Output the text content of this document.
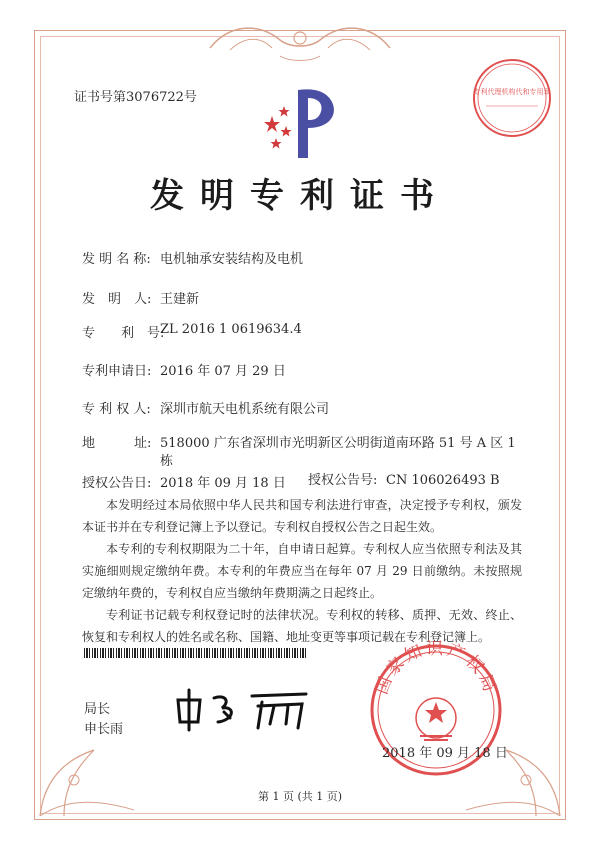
证书号第3076722号	专利代理机构代和专用章
发明专利证书
发 明 名 称: 电机轴承安装结构及电机
发　明　人: 王建新
专　　利　号:
ZL 2016 1 0619634.4
专利申请日: 2016 年 07 月 29 日
专 利 权 人: 深圳市航天电机系统有限公司
地　　　址: 518000 广东省深圳市光明新区公明街道南环路 51 号 A 区 1
栋
授权公告日: 2018 年 09 月 18 日 授权公告号: CN 106026493 B
本发明经过本局依照中华人民共和国专利法进行审查，决定授予专利权，颁发本证书并在专利登记簿上予以登记。专利权自授权公告之日起生效。
本专利的专利权期限为二十年，自申请日起算。专利权人应当依照专利法及其实施细则规定缴纳年费。本专利的年费应当在每年 07 月 29 日前缴纳。未按照规定缴纳年费的，专利权自应当缴纳年费期满之日起终止。
专利证书记载专利权登记时的法律状况。专利权的转移、质押、无效、终止、恢复和专利权人的姓名或名称、国籍、地址变更等事项记载在专利登记簿上。
局长
申长雨
国家知识产权局
2018 年 09 月 18 日
第 1 页 (共 1 页)
